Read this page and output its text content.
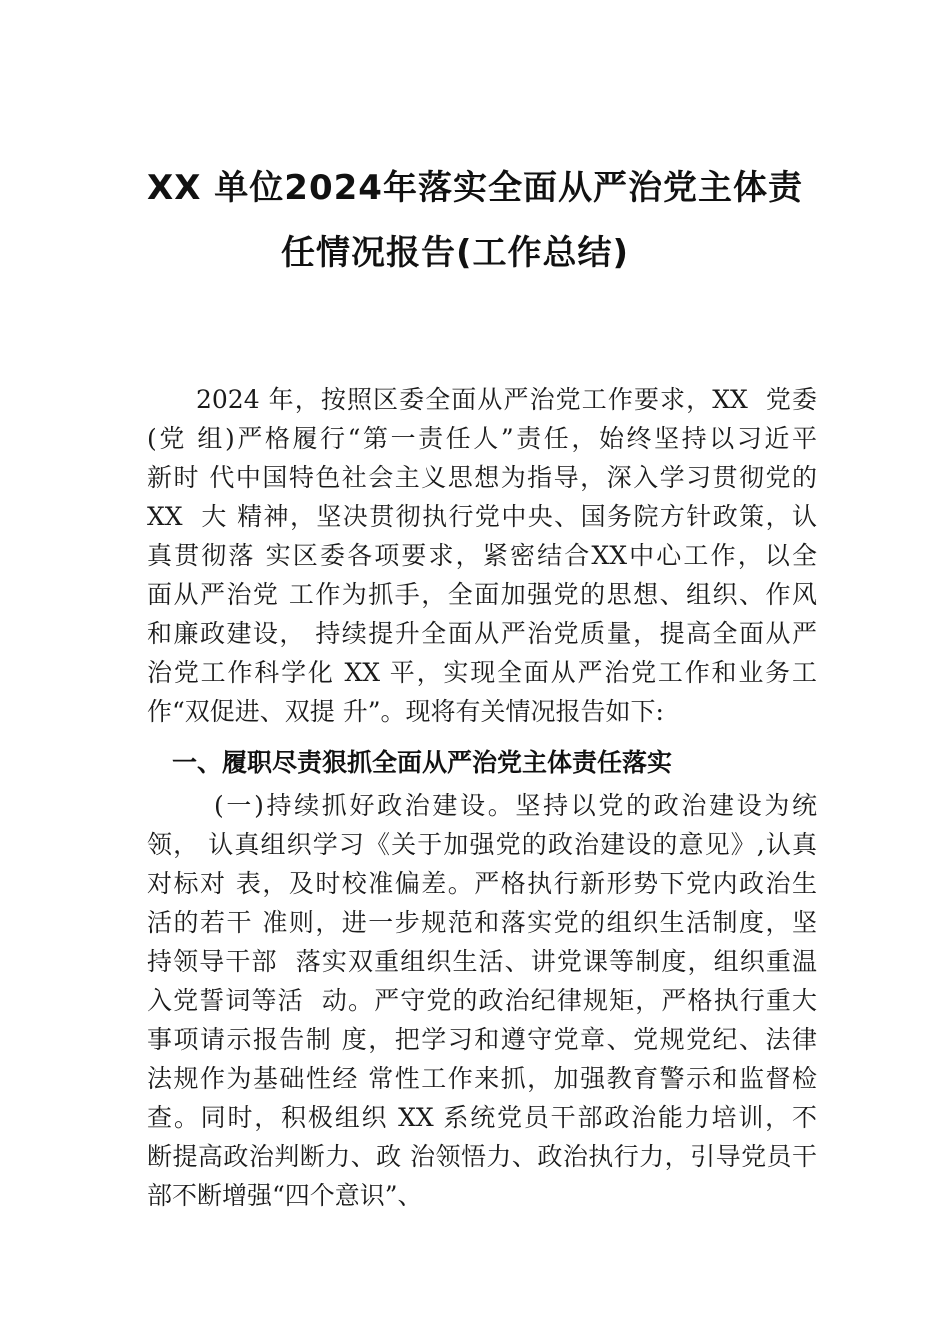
XX 单位2024年落实全面从严治党主体责
任情况报告(工作总结)
2024 年，按照区委全面从严治党工作要求，XX  党委
(党 组)严格履行“第一责任人”责任，始终坚持以习近平
新时 代中国特色社会主义思想为指导，深入学习贯彻党的
XX  大 精神，坚决贯彻执行党中央、国务院方针政策，认
真贯彻落 实区委各项要求，紧密结合XX中心工作，以全
面从严治党 工作为抓手，全面加强党的思想、组织、作风
和廉政建设， 持续提升全面从严治党质量，提高全面从严
治党工作科学化 XX 平，实现全面从严治党工作和业务工
作“双促进、双提 升”。现将有关情况报告如下:
一、履职尽责狠抓全面从严治党主体责任落实
(一)持续抓好政治建设。坚持以党的政治建设为统
领， 认真组织学习《关于加强党的政治建设的意见》,认真
对标对 表，及时校准偏差。严格执行新形势下党内政治生
活的若干 准则，进一步规范和落实党的组织生活制度，坚
持领导干部  落实双重组织生活、讲党课等制度，组织重温
入党誓词等活  动。严守党的政治纪律规矩，严格执行重大
事项请示报告制 度，把学习和遵守党章、党规党纪、法律
法规作为基础性经 常性工作来抓，加强教育警示和监督检
查。同时，积极组织 XX 系统党员干部政治能力培训，不
断提高政治判断力、政 治领悟力、政治执行力，引导党员干
部不断增强“四个意识”、
